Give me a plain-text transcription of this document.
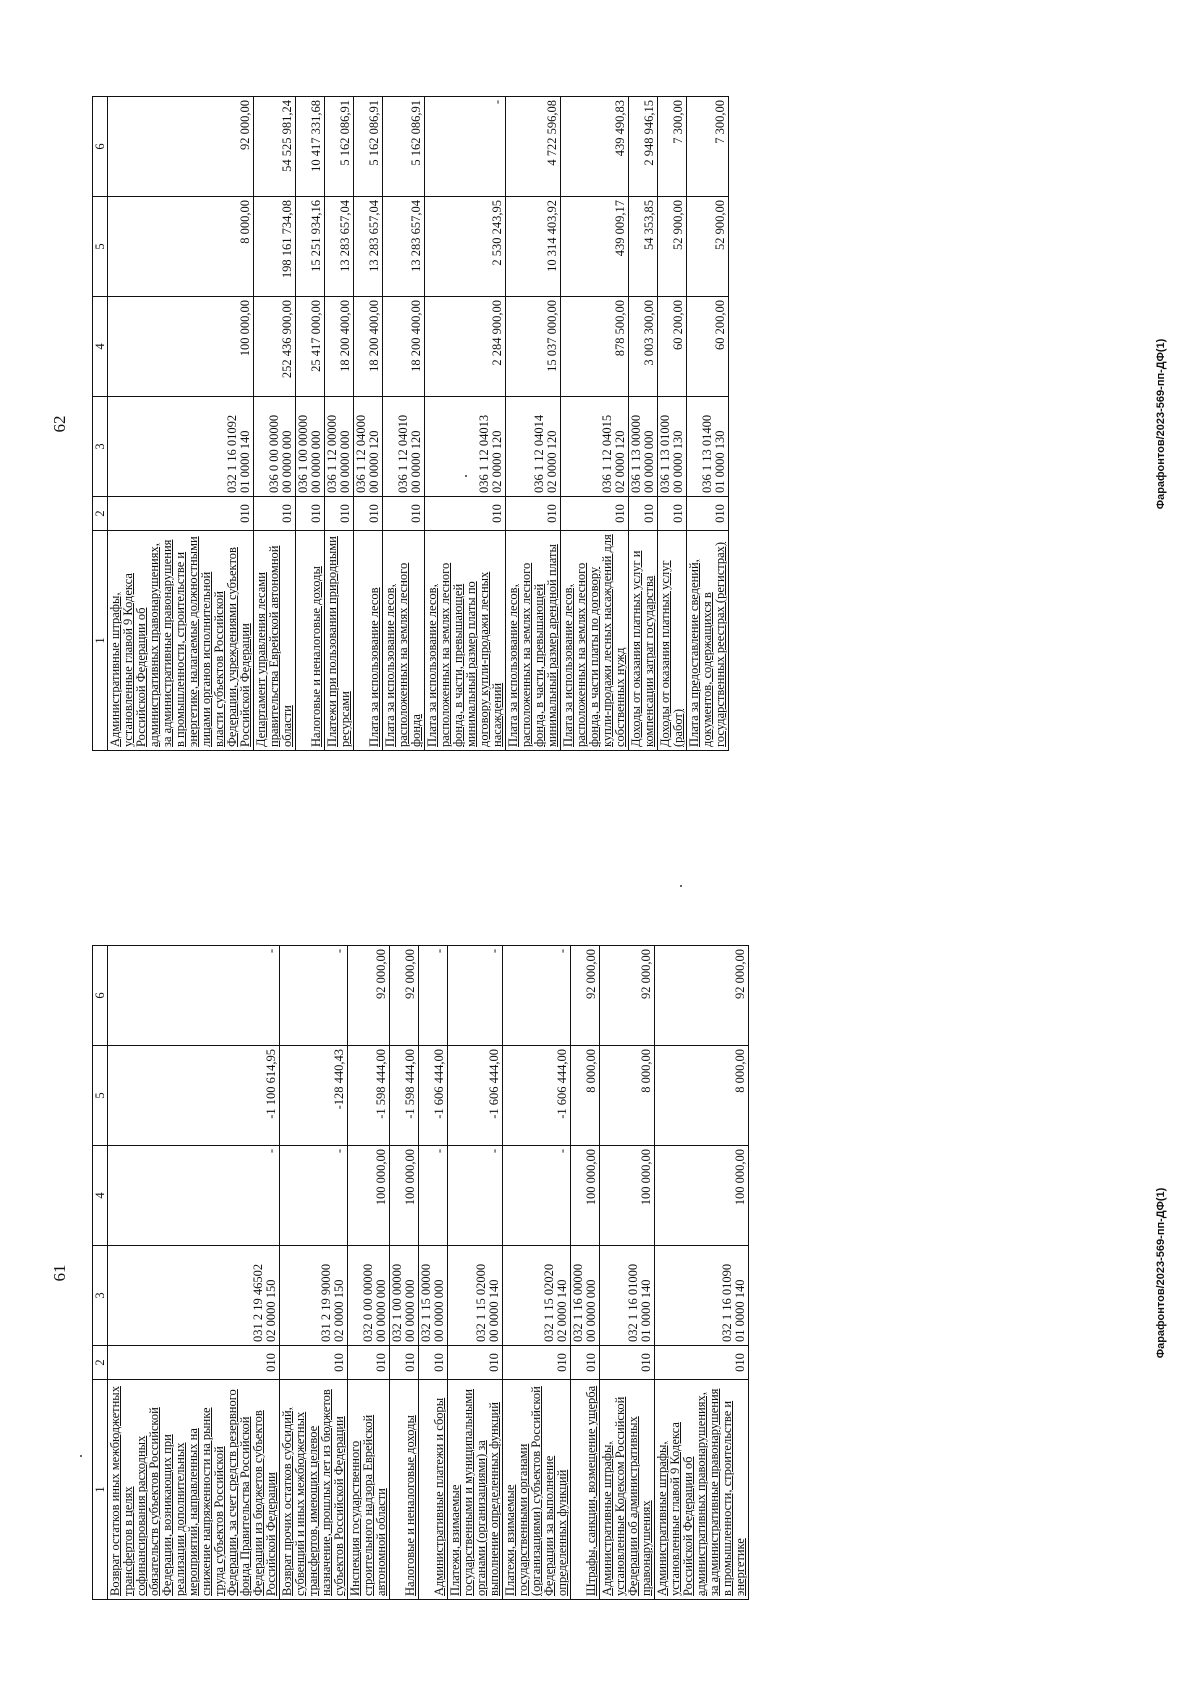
62
1	2	3	4	5	6
Административные штрафы, установленные главой 9 Кодекса Российской Федерации об административных правонарушениях, за административные правонарушения в промышленности, строительстве и энергетике, налагаемые должностными лицами органов исполнительной власти субъектов Российской Федерации, учреждениями субъектов Российской Федерации	010	032 1 16 01092
01 0000 140	100 000,00	8 000,00	92 000,00
Департамент управления лесами правительства Еврейской автономной области	010	036 0 00 00000
00 0000 000	252 436 900,00	198 161 734,08	54 525 981,24
Налоговые и неналоговые доходы	010	036 1 00 00000
00 0000 000	25 417 000,00	15 251 934,16	10 417 331,68
Платежи при пользовании природными ресурсами	010	036 1 12 00000
00 0000 000	18 200 400,00	13 283 657,04	5 162 086,91
Плата за использование лесов	010	036 1 12 04000
00 0000 120	18 200 400,00	13 283 657,04	5 162 086,91
Плата за использование лесов, расположенных на землях лесного фонда	010	036 1 12 04010
00 0000 120	18 200 400,00	13 283 657,04	5 162 086,91
Плата за использование лесов, расположенных на землях лесного фонда, в части, превышающей минимальный размер платы по договору купли-продажи лесных насаждений	010	036 1 12 04013
02 0000 120	2 284 900,00	2 530 243,95	-
Плата за использование лесов, расположенных на землях лесного фонда, в части, превышающей минимальный размер арендной платы	010	036 1 12 04014
02 0000 120	15 037 000,00	10 314 403,92	4 722 596,08
Плата за использование лесов, расположенных на землях лесного фонда, в части платы по договору купли-продажи лесных насаждений для собственных нужд	010	036 1 12 04015
02 0000 120	878 500,00	439 009,17	439 490,83
Доходы от оказания платных услуг и компенсации затрат государства	010	036 1 13 00000
00 0000 000	3 003 300,00	54 353,85	2 948 946,15
Доходы от оказания платных услуг (работ)	010	036 1 13 01000
00 0000 130	60 200,00	52 900,00	7 300,00
Плата за предоставление сведений, документов, содержащихся в государственных реестрах (регистрах)	010	036 1 13 01400
01 0000 130	60 200,00	52 900,00	7 300,00
Фарафонтов/2023-569-пп-ДФ(1)
61
1	2	3	4	5	6
Возврат остатков иных межбюджетных трансфертов в целях софинансирования расходных обязательств субъектов Российской Федерации, возникающих при реализации дополнительных мероприятий, направленных на снижение напряженности на рынке труда субъектов Российской Федерации, за счет средств резервного фонда Правительства Российской Федерации из бюджетов субъектов Российской Федерации	010	031 2 19 46502
02 0000 150	-	-1 100 614,95	-
Возврат прочих остатков субсидий, субвенций и иных межбюджетных трансфертов, имеющих целевое назначение, прошлых лет из бюджетов субъектов Российской Федерации	010	031 2 19 90000
02 0000 150	-	-128 440,43	-
Инспекция государственного строительного надзора Еврейской автономной области	010	032 0 00 00000
00 0000 000	100 000,00	-1 598 444,00	92 000,00
Налоговые и неналоговые доходы	010	032 1 00 00000
00 0000 000	100 000,00	-1 598 444,00	92 000,00
Административные платежи и сборы	010	032 1 15 00000
00 0000 000	-	-1 606 444,00	-
Платежи, взимаемые государственными и муниципальными органами (организациями) за выполнение определенных функций	010	032 1 15 02000
00 0000 140	-	-1 606 444,00	-
Платежи, взимаемые государственными органами (организациями) субъектов Российской Федерации за выполнение определенных функций	010	032 1 15 02020
02 0000 140	-	-1 606 444,00	-
Штрафы, санкции, возмещение ущерба	010	032 1 16 00000
00 0000 000	100 000,00	8 000,00	92 000,00
Административные штрафы, установленные Кодексом Российской Федерации об административных правонарушениях	010	032 1 16 01000
01 0000 140	100 000,00	8 000,00	92 000,00
Административные штрафы, установленные главой 9 Кодекса Российской Федерации об административных правонарушениях, за административные правонарушения в промышленности, строительстве и энергетике	010	032 1 16 01090
01 0000 140	100 000,00	8 000,00	92 000,00
Фарафонтов/2023-569-пп-ДФ(1)
